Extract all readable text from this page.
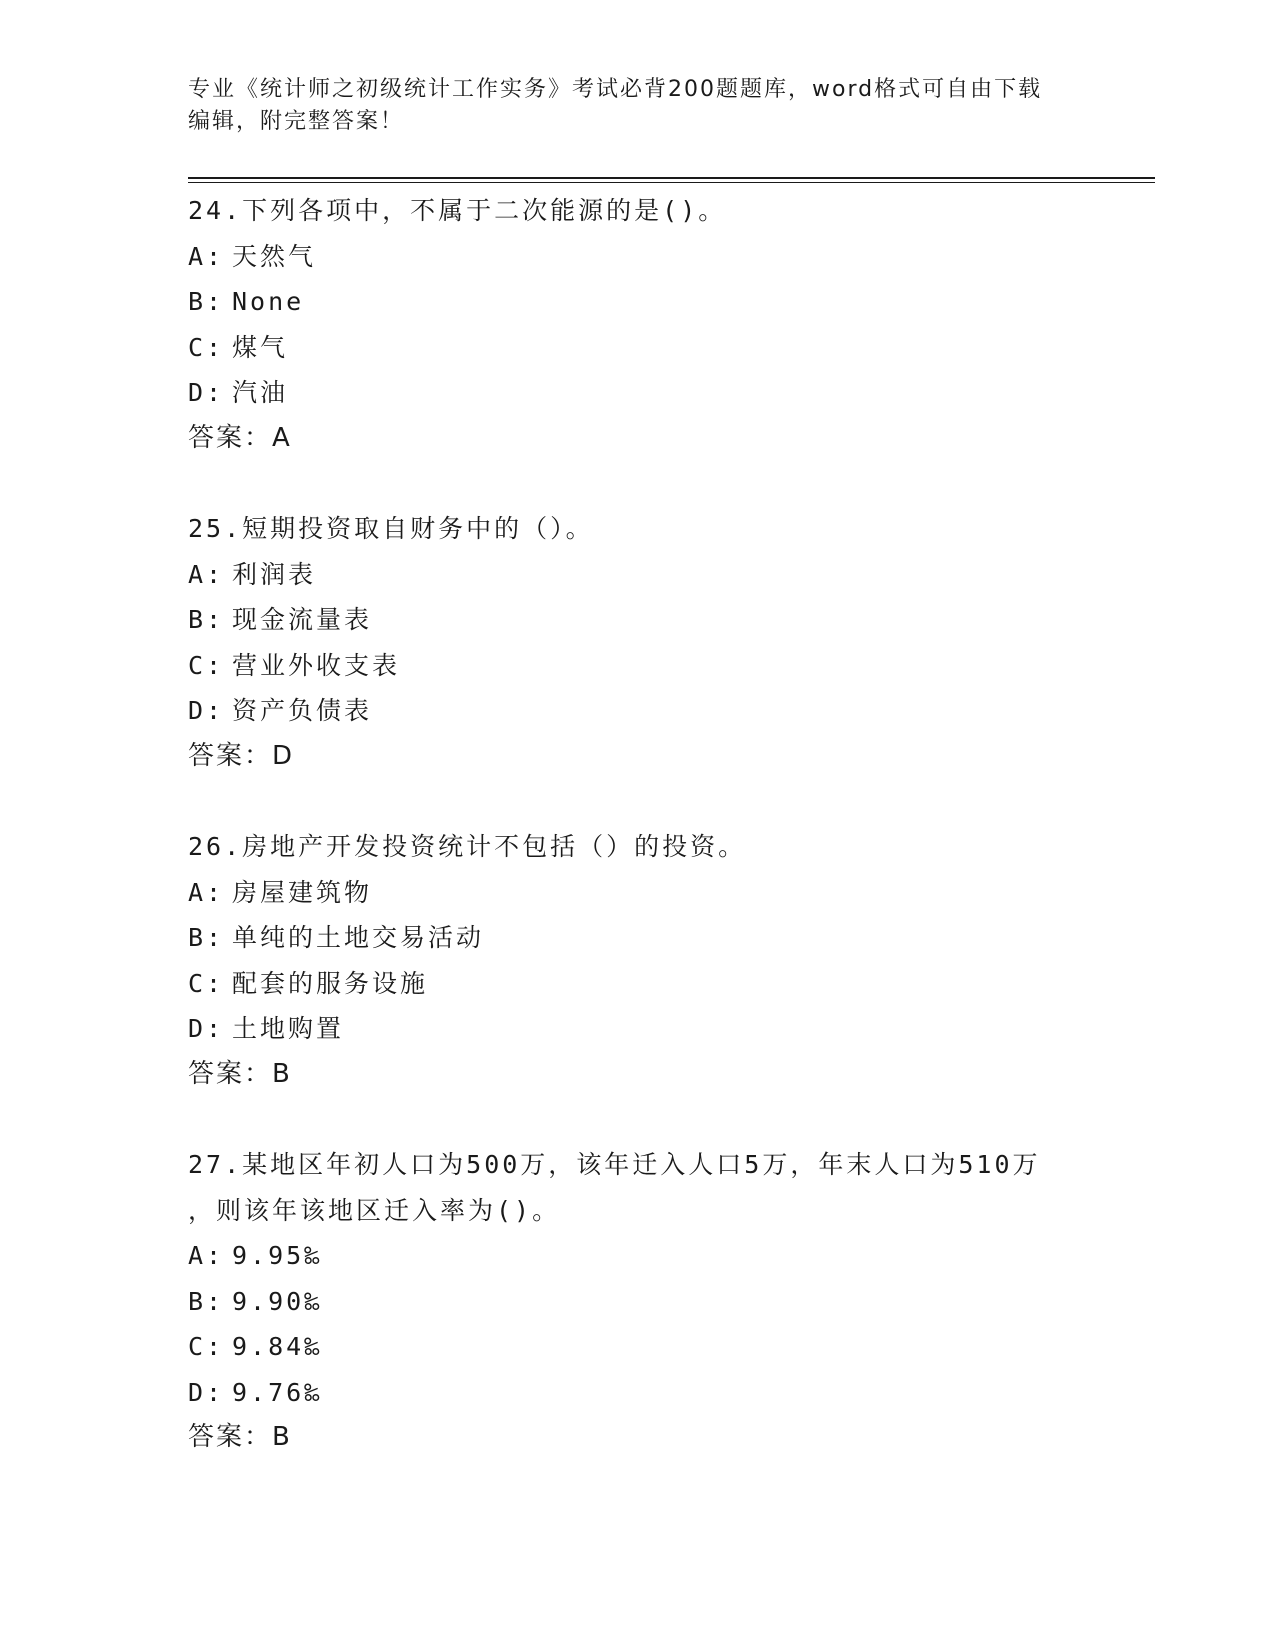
专业《统计师之初级统计工作实务》考试必背200题题库，word格式可自由下载
编辑，附完整答案！
24.下列各项中，不属于二次能源的是()。
A: 天然气
B: None
C: 煤气
D: 汽油
答案：A
25.短期投资取自财务中的（）。
A: 利润表
B: 现金流量表
C: 营业外收支表
D: 资产负债表
答案：D
26.房地产开发投资统计不包括（）的投资。
A: 房屋建筑物
B: 单纯的土地交易活动
C: 配套的服务设施
D: 土地购置
答案：B
27.某地区年初人口为500万，该年迁入人口5万，年末人口为510万
，则该年该地区迁入率为()。
A: 9.95‰
B: 9.90‰
C: 9.84‰
D: 9.76‰
答案：B
